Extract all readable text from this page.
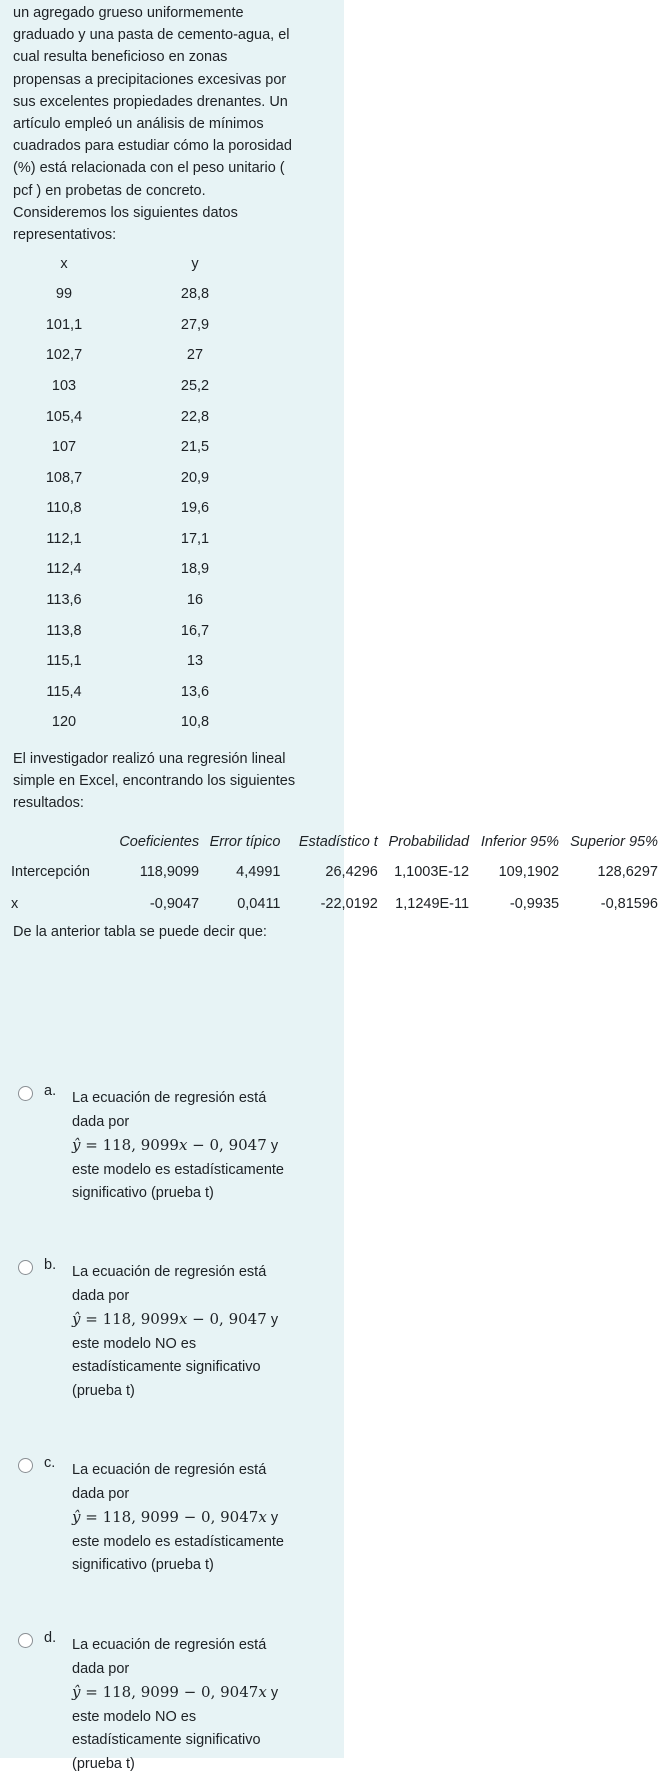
un agregado grueso uniformemente

graduado y una pasta de cemento-agua, el

cual resulta beneficioso en zonas

propensas a precipitaciones excesivas por

sus excelentes propiedades drenantes. Un

artículo empleó un análisis de mínimos

cuadrados para estudiar cómo la porosidad

(%) está relacionada con el peso unitario (

pcf ) en probetas de concreto.

Consideremos los siguientes datos

representativos:

x	y
99	28,8
101,1	27,9
102,7	27
103	25,2
105,4	22,8
107	21,5
108,7	20,9
110,8	19,6
112,1	17,1
112,4	18,9
113,6	16
113,8	16,7
115,1	13
115,4	13,6
120	10,8
El investigador realizó una regresión lineal
simple en Excel, encontrando los siguientes
resultados:
	Coeficientes	Error típico	Estadístico t	Probabilidad	Inferior 95%	Superior 95%
Intercepción	118,9099	4,4991	26,4296	1,1003E-12	109,1902	128,6297
x	-0,9047	0,0411	-22,0192	1,1249E-11	-0,9935	-0,81596
De la anterior tabla se puede decir que:
a. La ecuación de regresión está
dada por
ŷ = 118, 9099x − 0, 9047 y
este modelo es estadísticamente
significativo (prueba t)
b. La ecuación de regresión está
dada por
ŷ = 118, 9099x − 0, 9047 y
este modelo NO es
estadísticamente significativo
(prueba t)
c. La ecuación de regresión está
dada por
ŷ = 118, 9099 − 0, 9047x y
este modelo es estadísticamente
significativo (prueba t)
d. La ecuación de regresión está
dada por
ŷ = 118, 9099 − 0, 9047x y
este modelo NO es
estadísticamente significativo
(prueba t)
